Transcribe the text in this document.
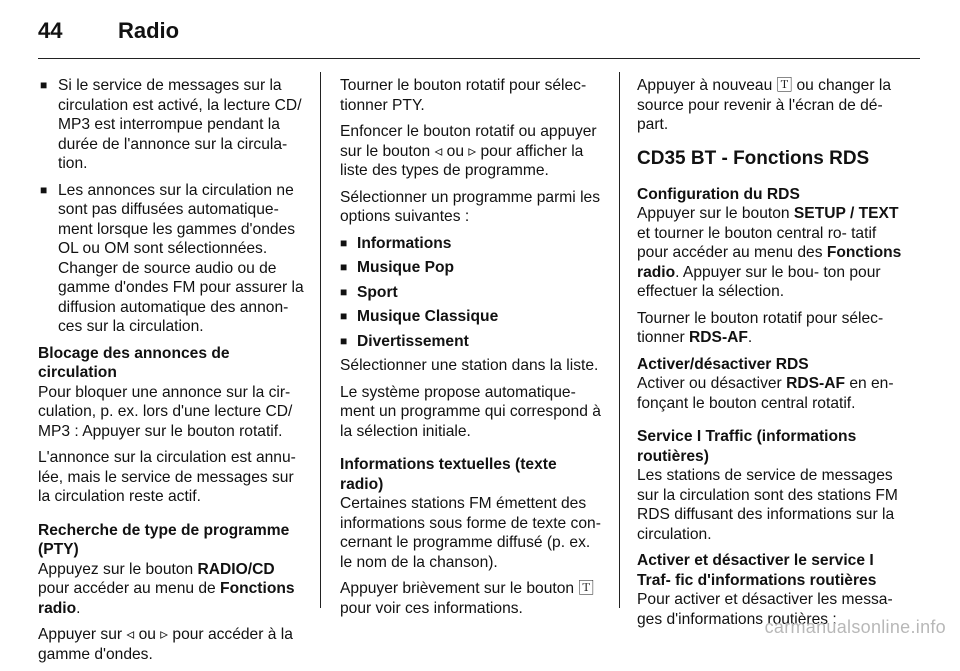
44	Radio
■ Si le service de messages sur la circulation est activé, la lecture CD/ MP3 est interrompue pendant la durée de l'annonce sur la circula- tion.
■ Les annonces sur la circulation ne sont pas diffusées automatique- ment lorsque les gammes d'ondes OL ou OM sont sélectionnées. Changer de source audio ou de gamme d'ondes FM pour assurer la diffusion automatique des annon- ces sur la circulation.

Blocage des annonces de circulation

Pour bloquer une annonce sur la cir- culation, p. ex. lors d'une lecture CD/ MP3 : Appuyer sur le bouton rotatif.

L'annonce sur la circulation est annu- lée, mais le service de messages sur la circulation reste actif.

Recherche de type de programme (PTY)

Appuyez sur le bouton RADIO/CD pour accéder au menu de Fonctions radio.

Appuyer sur ◃ ou ▹ pour accéder à la gamme d'ondes.

Tourner le bouton rotatif pour sélec- tionner PTY.

Enfoncer le bouton rotatif ou appuyer sur le bouton ◃ ou ▹ pour afficher la liste des types de programme.

Sélectionner un programme parmi les options suivantes :

■ Informations
■ Musique Pop
■ Sport
■ Musique Classique
■ Divertissement

Sélectionner une station dans la liste.

Le système propose automatique- ment un programme qui correspond à la sélection initiale.

Informations textuelles (texte radio)

Certaines stations FM émettent des informations sous forme de texte con- cernant le programme diffusé (p. ex. le nom de la chanson).

Appuyer brièvement sur le bouton 🅃 pour voir ces informations.

Appuyer à nouveau 🅃 ou changer la source pour revenir à l'écran de dé- part.

CD35 BT - Fonctions RDS

Configuration du RDS

Appuyer sur le bouton SETUP / TEXT et tourner le bouton central ro- tatif pour accéder au menu des Fonctions radio. Appuyer sur le bou- ton pour effectuer la sélection.

Tourner le bouton rotatif pour sélec- tionner RDS-AF.

Activer/désactiver RDS

Activer ou désactiver RDS-AF en en- fonçant le bouton central rotatif.

Service I Traffic (informations routières)

Les stations de service de messages sur la circulation sont des stations FM RDS diffusant des informations sur la circulation.

Activer et désactiver le service I Traf- fic d'informations routières

Pour activer et désactiver les messa- ges d'informations routières :

carmanualsonline.info
